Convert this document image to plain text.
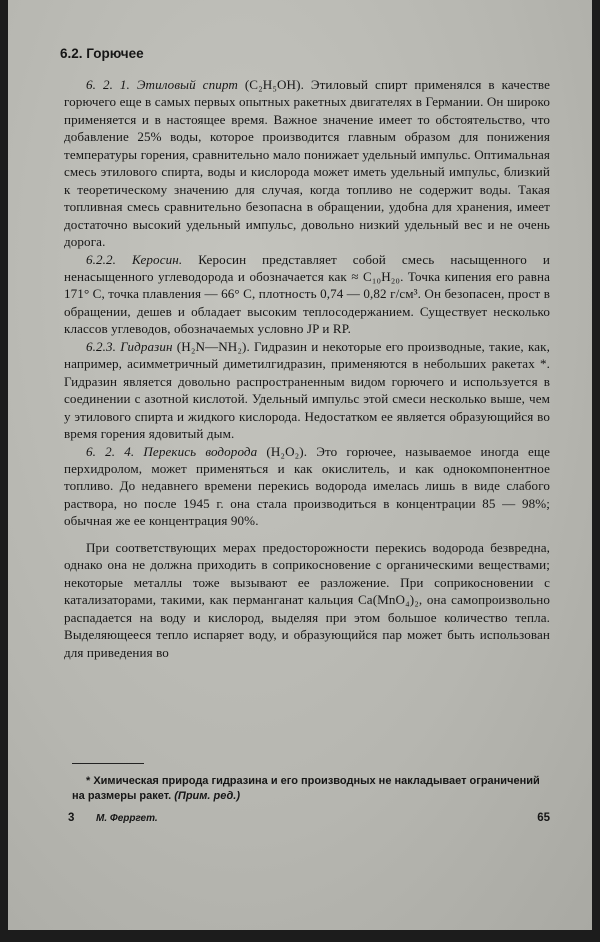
6.2. Горючее

6. 2. 1. Этиловый спирт (C₂H₅OH). Этиловый спирт применялся в качестве горючего еще в самых первых опытных ракетных двигателях в Германии. Он широко применяется и в настоящее время. Важное значение имеет то обстоятельство, что добавление 25% воды, которое производится главным образом для понижения температуры горения, сравнительно мало понижает удельный импульс. Оптимальная смесь этилового спирта, воды и кислорода может иметь удельный импульс, близкий к теоретическому значению для случая, когда топливо не содержит воды. Такая топливная смесь сравнительно безопасна в обращении, удобна для хранения, имеет достаточно высокий удельный импульс, довольно низкий удельный вес и не очень дорога.

6.2.2. Керосин. Керосин представляет собой смесь насыщенного и ненасыщенного углеводорода и обозначается как ≈ C₁₀H₂₀. Точка кипения его равна 171° C, точка плавления — 66° C, плотность 0,74 — 0,82 г/см³. Он безопасен, прост в обращении, дешев и обладает высоким теплосодержанием. Существует несколько классов углеводов, обозначаемых условно JP и RP.

6.2.3. Гидразин (H₂N—NH₂). Гидразин и некоторые его производные, такие, как, например, асимметричный диметилгидразин, применяются в небольших ракетах *. Гидразин является довольно распространенным видом горючего и используется в соединении с азотной кислотой. Удельный импульс этой смеси несколько выше, чем у этилового спирта и жидкого кислорода. Недостатком ее является образующийся во время горения ядовитый дым.

6. 2. 4. Перекись водорода (H₂O₂). Это горючее, называемое иногда еще перхидролом, может применяться и как окислитель, и как однокомпонентное топливо. До недавнего времени перекись водорода имелась лишь в виде слабого раствора, но после 1945 г. она стала производиться в концентрации 85 — 98%; обычная же ее концентрация 90%.

При соответствующих мерах предосторожности перекись водорода безвредна, однако она не должна приходить в соприкосновение с органическими веществами; некоторые металлы тоже вызывают ее разложение. При соприкосновении с катализаторами, такими, как перманганат кальция Ca(MnO₄)₂, она самопроизвольно распадается на воду и кислород, выделяя при этом большое количество тепла. Выделяющееся тепло испаряет воду, и образующийся пар может быть использован для приведения во

* Химическая природа гидразина и его производных не накладывает ограничений на размеры ракет. (Прим. ред.)
3 М. Ферргет.	65
